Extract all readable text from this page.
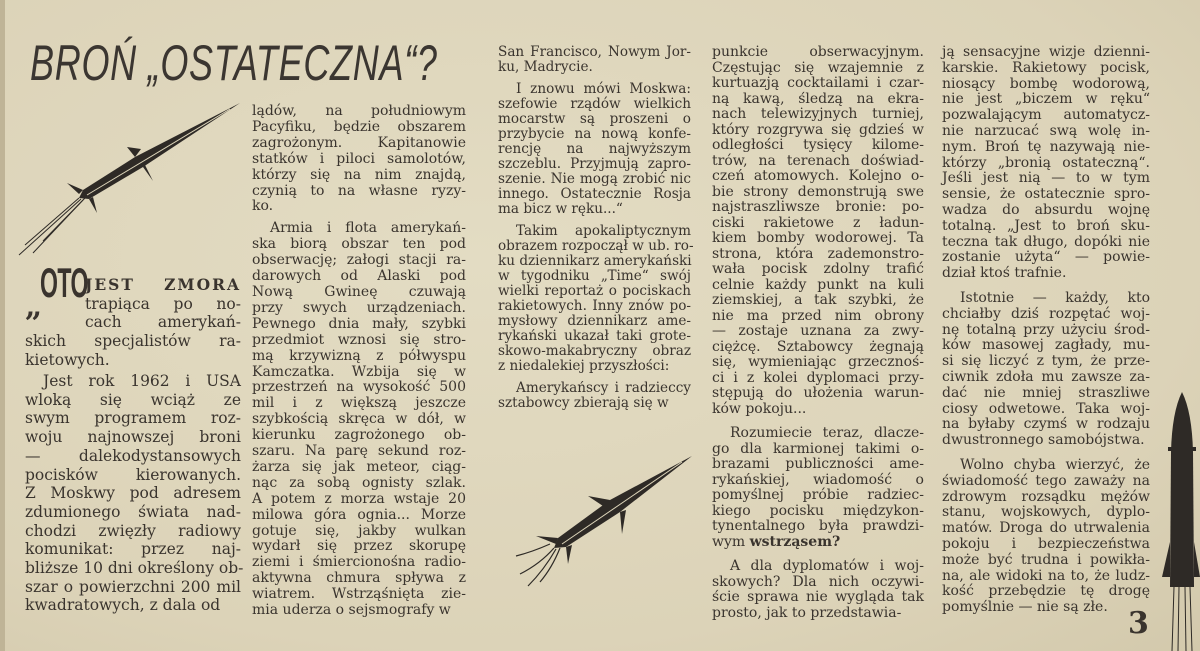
BROŃ „OSTATECZNA“?
„
OTO
JEST ZMORA
trapiąca po no-
cach amerykań-
skich specjalistów ra-
kietowych.
Jest rok 1962 i USA
wloką się wciąż ze
swym programem roz-
woju najnowszej broni
— dalekodystansowych
pocisków kierowanych.
Z Moskwy pod adresem
zdumionego świata nad-
chodzi zwięzły radiowy
komunikat: przez naj-
bliższe 10 dni określony ob-
szar o powierzchni 200 mil
kwadratowych, z dala od
lądów, na południowym
Pacyfiku, będzie obszarem
zagrożonym. Kapitanowie
statków i piloci samolotów,
którzy się na nim znajdą,
czynią to na własne ryzy-
ko.
Armia i flota amerykań-
ska biorą obszar ten pod
obserwację; załogi stacji ra-
darowych od Alaski pod
Nową Gwineę czuwają
przy swych urządzeniach.
Pewnego dnia mały, szybki
przedmiot wznosi się stro-
mą krzywizną z półwyspu
Kamczatka. Wzbija się w
przestrzeń na wysokość 500
mil i z większą jeszcze
szybkością skręca w dół, w
kierunku zagrożonego ob-
szaru. Na parę sekund roz-
żarza się jak meteor, ciąg-
nąc za sobą ognisty szlak.
A potem z morza wstaje 20
milowa góra ognia... Morze
gotuje się, jakby wulkan
wydarł się przez skorupę
ziemi i śmiercionośna radio-
aktywna chmura spływa z
wiatrem. Wstrząśnięta zie-
mia uderza o sejsmografy w
San Francisco, Nowym Jor-
ku, Madrycie.
I znowu mówi Moskwa:
szefowie rządów wielkich
mocarstw są proszeni o
przybycie na nową konfe-
rencję na najwyższym
szczeblu. Przyjmują zapro-
szenie. Nie mogą zrobić nic
innego. Ostatecznie Rosja
ma bicz w ręku...“
Takim apokaliptycznym
obrazem rozpoczął w ub. ro-
ku dziennikarz amerykański
w tygodniku „Time“ swój
wielki reportaż o pociskach
rakietowych. Inny znów po-
mysłowy dziennikarz ame-
rykański ukazał taki grote-
skowo-makabryczny obraz
z niedalekiej przyszłości:
Amerykańscy i radzieccy
sztabowcy zbierają się w
punkcie obserwacyjnym.
Częstując się wzajemnie z
kurtuazją cocktailami i czar-
ną kawą, śledzą na ekra-
nach telewizyjnych turniej,
który rozgrywa się gdzieś w
odległości tysięcy kilome-
trów, na terenach doświad-
czeń atomowych. Kolejno o-
bie strony demonstrują swe
najstraszliwsze bronie: po-
ciski rakietowe z ładun-
kiem bomby wodorowej. Ta
strona, która zademonstro-
wała pocisk zdolny trafić
celnie każdy punkt na kuli
ziemskiej, a tak szybki, że
nie ma przed nim obrony
— zostaje uznana za zwy-
ciężcę. Sztabowcy żegnają
się, wymieniając grzecznoś-
ci i z kolei dyplomaci przy-
stępują do ułożenia warun-
ków pokoju...
Rozumiecie teraz, dlacze-
go dla karmionej takimi o-
brazami publiczności ame-
rykańskiej, wiadomość o
pomyślnej próbie radziec-
kiego pocisku międzykon-
tynentalnego była prawdzi-
wym wstrząsem?
A dla dyplomatów i woj-
skowych? Dla nich oczywi-
ście sprawa nie wygląda tak
prosto, jak to przedstawia-
ją sensacyjne wizje dzienni-
karskie. Rakietowy pocisk,
niosący bombę wodorową,
nie jest „biczem w ręku“
pozwalającym automatycz-
nie narzucać swą wolę in-
nym. Broń tę nazywają nie-
którzy „bronią ostateczną“.
Jeśli jest nią — to w tym
sensie, że ostatecznie spro-
wadza do absurdu wojnę
totalną. „Jest to broń sku-
teczna tak długo, dopóki nie
zostanie użyta“ — powie-
dział ktoś trafnie.
Istotnie — każdy, kto
chciałby dziś rozpętać woj-
nę totalną przy użyciu środ-
ków masowej zagłady, mu-
si się liczyć z tym, że prze-
ciwnik zdoła mu zawsze za-
dać nie mniej straszliwe
ciosy odwetowe. Taka woj-
na byłaby czymś w rodzaju
dwustronnego samobójstwa.
Wolno chyba wierzyć, że
świadomość tego zaważy na
zdrowym rozsądku mężów
stanu, wojskowych, dyplo-
matów. Droga do utrwalenia
pokoju i bezpieczeństwa
może być trudna i powikła-
na, ale widoki na to, że ludz-
kość przebędzie tę drogę
pomyślnie — nie są złe. 3
